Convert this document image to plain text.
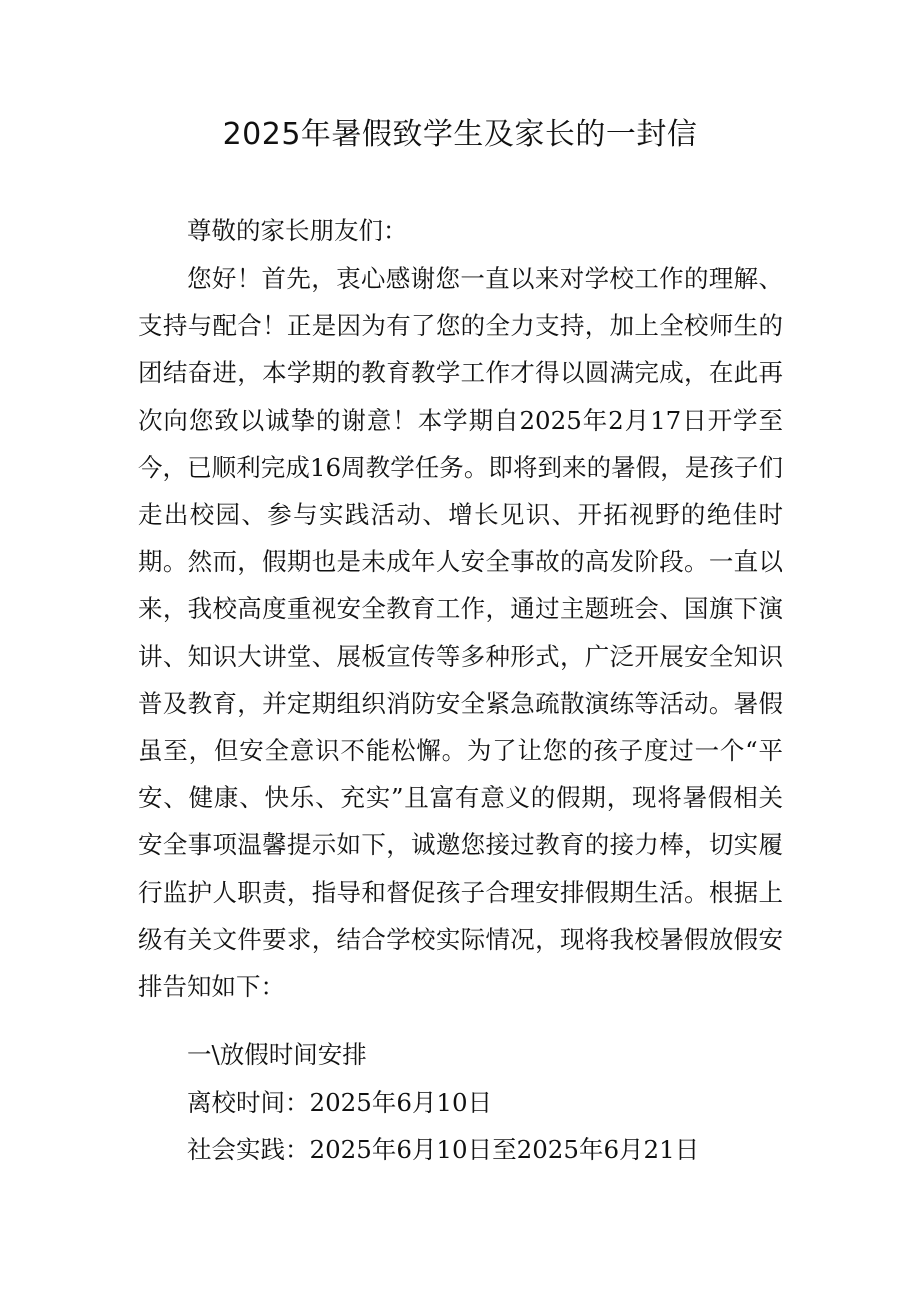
2025年暑假致学生及家长的一封信

尊敬的家长朋友们：

您好！首先，衷心感谢您一直以来对学校工作的理解、支持与配合！正是因为有了您的全力支持，加上全校师生的团结奋进，本学期的教育教学工作才得以圆满完成，在此再次向您致以诚挚的谢意！本学期自2025年2月17日开学至今，已顺利完成16周教学任务。即将到来的暑假，是孩子们走出校园、参与实践活动、增长见识、开拓视野的绝佳时期。然而，假期也是未成年人安全事故的高发阶段。一直以来，我校高度重视安全教育工作，通过主题班会、国旗下演讲、知识大讲堂、展板宣传等多种形式，广泛开展安全知识普及教育，并定期组织消防安全紧急疏散演练等活动。暑假虽至，但安全意识不能松懈。为了让您的孩子度过一个“平安、健康、快乐、充实”且富有意义的假期，现将暑假相关安全事项温馨提示如下，诚邀您接过教育的接力棒，切实履行监护人职责，指导和督促孩子合理安排假期生活。根据上级有关文件要求，结合学校实际情况，现将我校暑假放假安排告知如下：

一\放假时间安排

离校时间：2025年6月10日

社会实践：2025年6月10日至2025年6月21日
